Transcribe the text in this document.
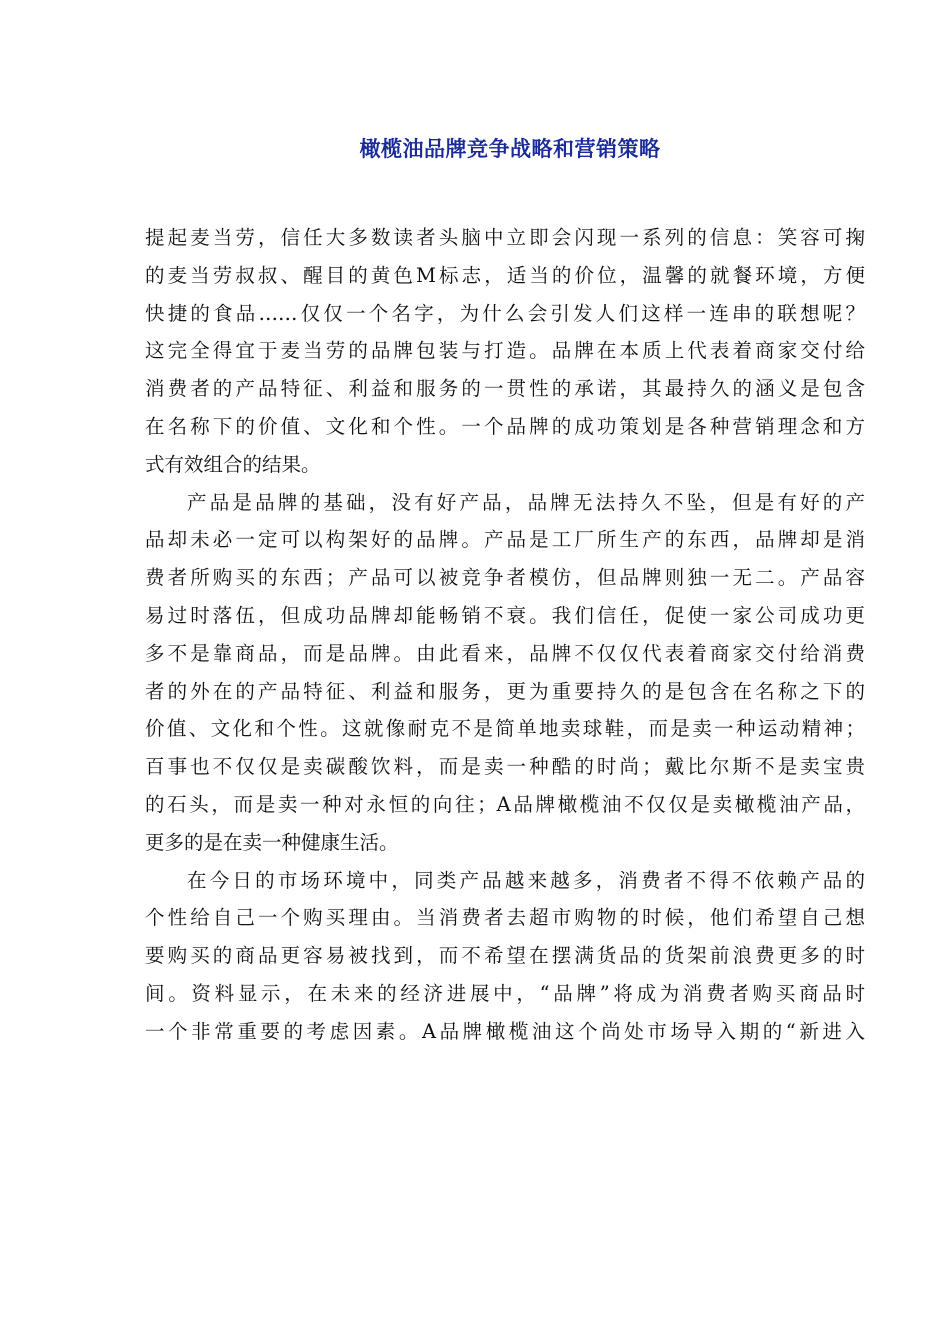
橄榄油品牌竞争战略和营销策略
提起麦当劳，信任大多数读者头脑中立即会闪现一系列的信息：笑容可掬
的麦当劳叔叔、醒目的黄色M标志，适当的价位，温馨的就餐环境，方便
快捷的食品……仅仅一个名字，为什么会引发人们这样一连串的联想呢？
这完全得宜于麦当劳的品牌包装与打造。品牌在本质上代表着商家交付给
消费者的产品特征、利益和服务的一贯性的承诺，其最持久的涵义是包含
在名称下的价值、文化和个性。一个品牌的成功策划是各种营销理念和方
式有效组合的结果。
产品是品牌的基础，没有好产品，品牌无法持久不坠，但是有好的产
品却未必一定可以构架好的品牌。产品是工厂所生产的东西，品牌却是消
费者所购买的东西；产品可以被竞争者模仿，但品牌则独一无二。产品容
易过时落伍，但成功品牌却能畅销不衰。我们信任，促使一家公司成功更
多不是靠商品，而是品牌。由此看来，品牌不仅仅代表着商家交付给消费
者的外在的产品特征、利益和服务，更为重要持久的是包含在名称之下的
价值、文化和个性。这就像耐克不是简单地卖球鞋，而是卖一种运动精神；
百事也不仅仅是卖碳酸饮料，而是卖一种酷的时尚；戴比尔斯不是卖宝贵
的石头，而是卖一种对永恒的向往；A品牌橄榄油不仅仅是卖橄榄油产品，
更多的是在卖一种健康生活。
在今日的市场环境中，同类产品越来越多，消费者不得不依赖产品的
个性给自己一个购买理由。当消费者去超市购物的时候，他们希望自己想
要购买的商品更容易被找到，而不希望在摆满货品的货架前浪费更多的时
间。资料显示，在未来的经济进展中，“品牌”将成为消费者购买商品时
一个非常重要的考虑因素。A品牌橄榄油这个尚处市场导入期的“新进入
